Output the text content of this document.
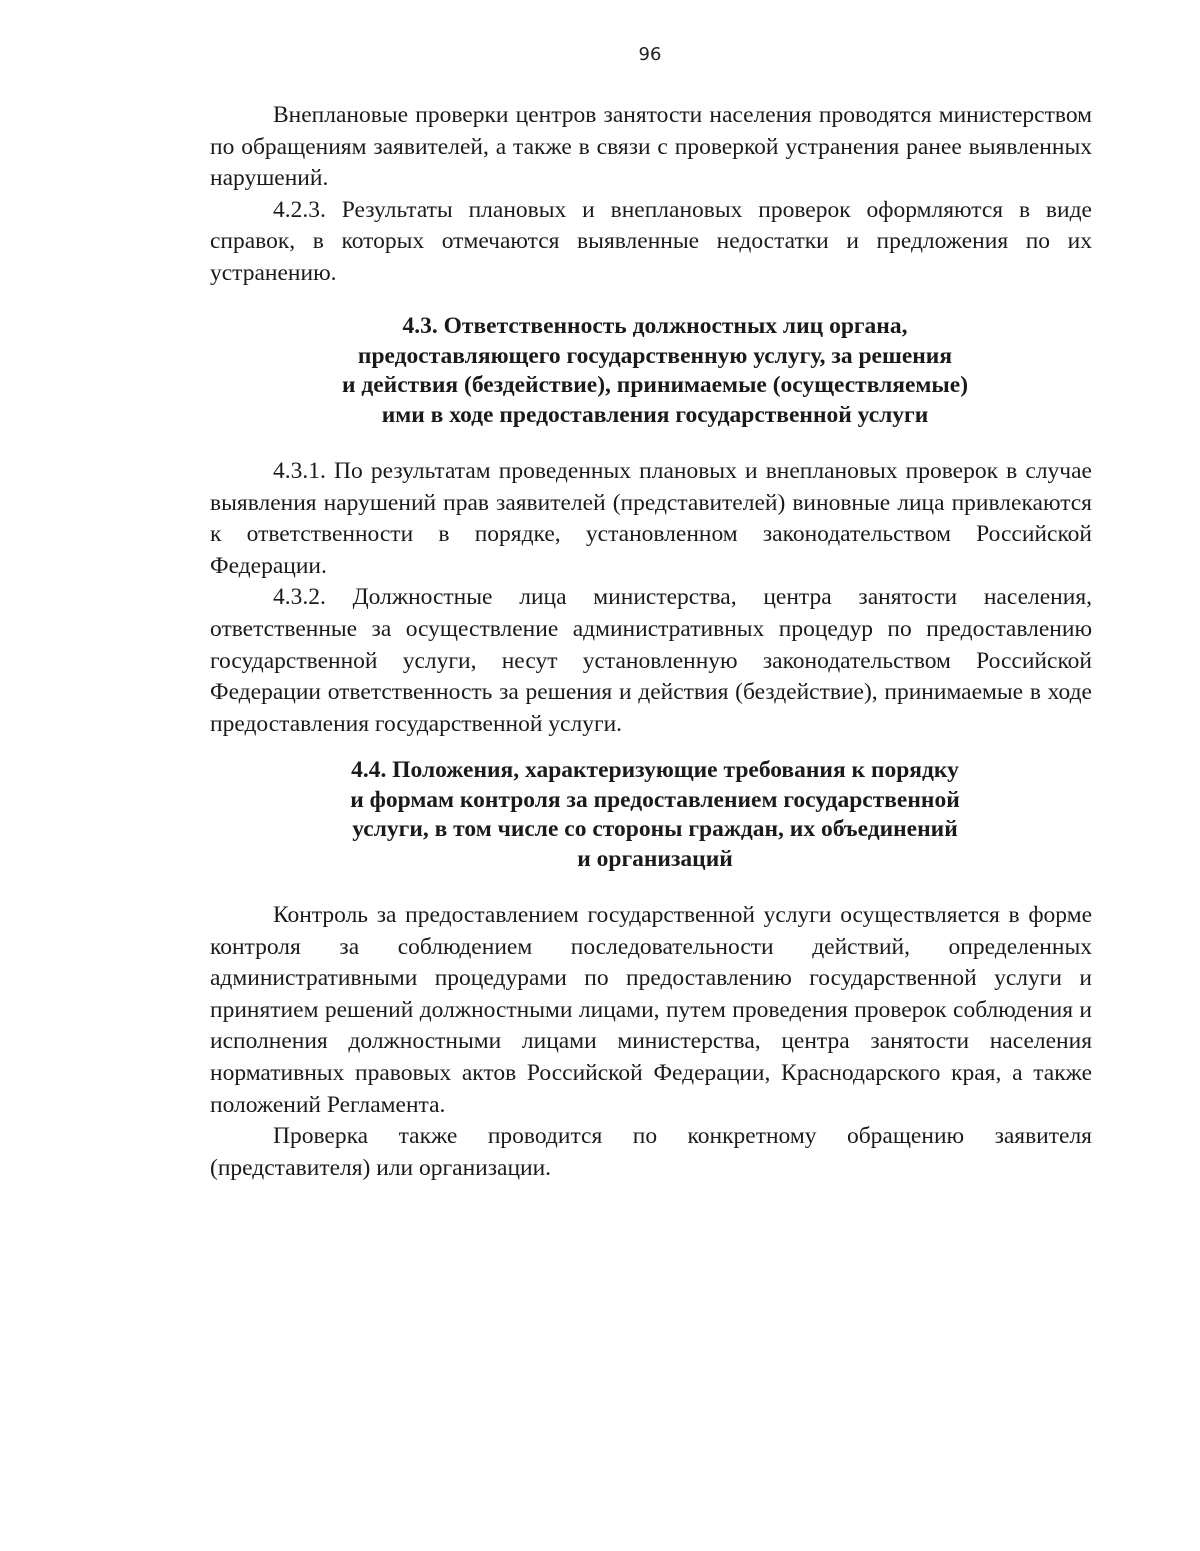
96

Внеплановые проверки центров занятости населения проводятся министерством по обращениям заявителей, а также в связи с проверкой устранения ранее выявленных нарушений.

4.2.3. Результаты плановых и внеплановых проверок оформляются в виде справок, в которых отмечаются выявленные недостатки и предложения по их устранению.

4.3. Ответственность должностных лиц органа,
предоставляющего государственную услугу, за решения
и действия (бездействие), принимаемые (осуществляемые)
ими в ходе предоставления государственной услуги

4.3.1. По результатам проведенных плановых и внеплановых проверок в случае выявления нарушений прав заявителей (представителей) виновные лица привлекаются к ответственности в порядке, установленном законодательством Российской Федерации.

4.3.2. Должностные лица министерства, центра занятости населения, ответственные за осуществление административных процедур по предоставлению государственной услуги, несут установленную законодательством Российской Федерации ответственность за решения и действия (бездействие), принимаемые в ходе предоставления государственной услуги.

4.4. Положения, характеризующие требования к порядку
и формам контроля за предоставлением государственной
услуги, в том числе со стороны граждан, их объединений
и организаций

Контроль за предоставлением государственной услуги осуществляется в форме контроля за соблюдением последовательности действий, определенных административными процедурами по предоставлению государственной услуги и принятием решений должностными лицами, путем проведения проверок соблюдения и исполнения должностными лицами министерства, центра занятости населения нормативных правовых актов Российской Федерации, Краснодарского края, а также положений Регламента.

Проверка также проводится по конкретному обращению заявителя (представителя) или организации.
